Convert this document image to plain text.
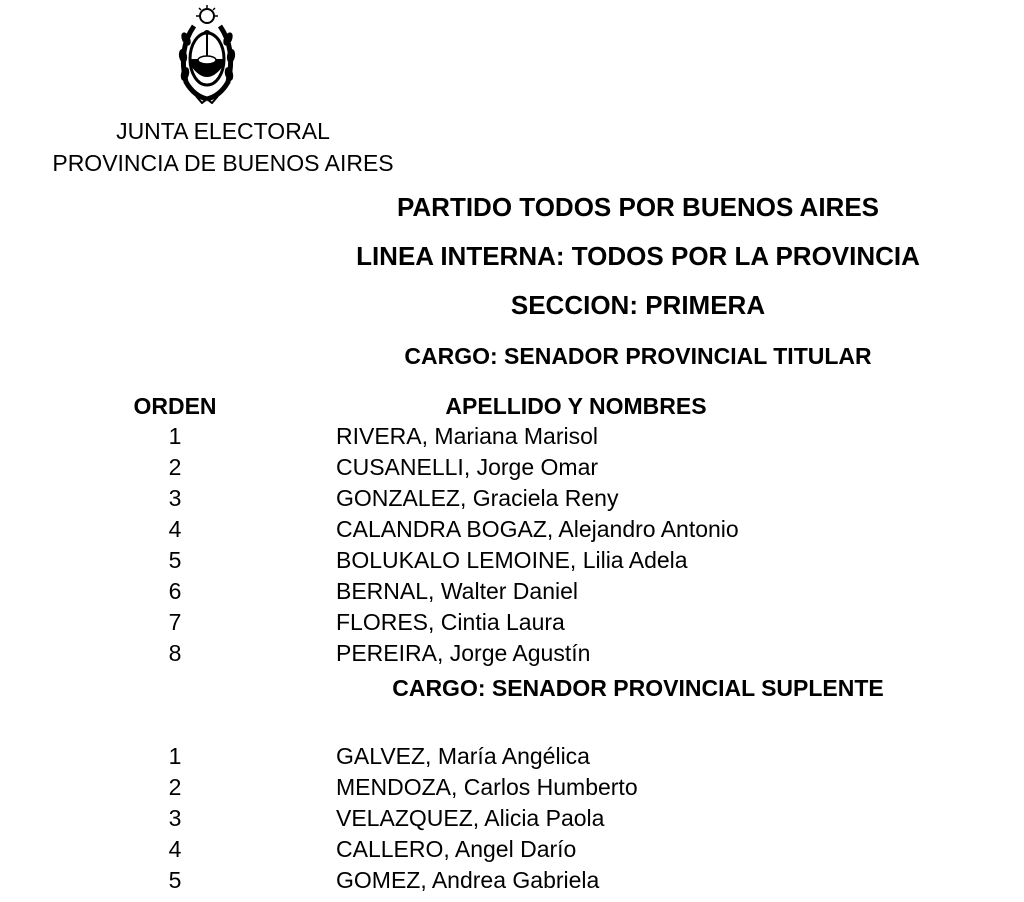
JUNTA ELECTORAL
PROVINCIA DE BUENOS AIRES
PARTIDO TODOS POR BUENOS AIRES
LINEA INTERNA: TODOS POR LA PROVINCIA
SECCION: PRIMERA
CARGO: SENADOR PROVINCIAL TITULAR
ORDEN	APELLIDO Y NOMBRES
1	RIVERA, Mariana Marisol
2	CUSANELLI, Jorge Omar
3	GONZALEZ, Graciela Reny
4	CALANDRA BOGAZ, Alejandro Antonio
5	BOLUKALO LEMOINE, Lilia Adela
6	BERNAL, Walter Daniel
7	FLORES, Cintia Laura
8	PEREIRA, Jorge Agustín
CARGO: SENADOR PROVINCIAL SUPLENTE
1	GALVEZ, María Angélica
2	MENDOZA, Carlos Humberto
3	VELAZQUEZ, Alicia Paola
4	CALLERO, Angel Darío
5	GOMEZ, Andrea Gabriela
